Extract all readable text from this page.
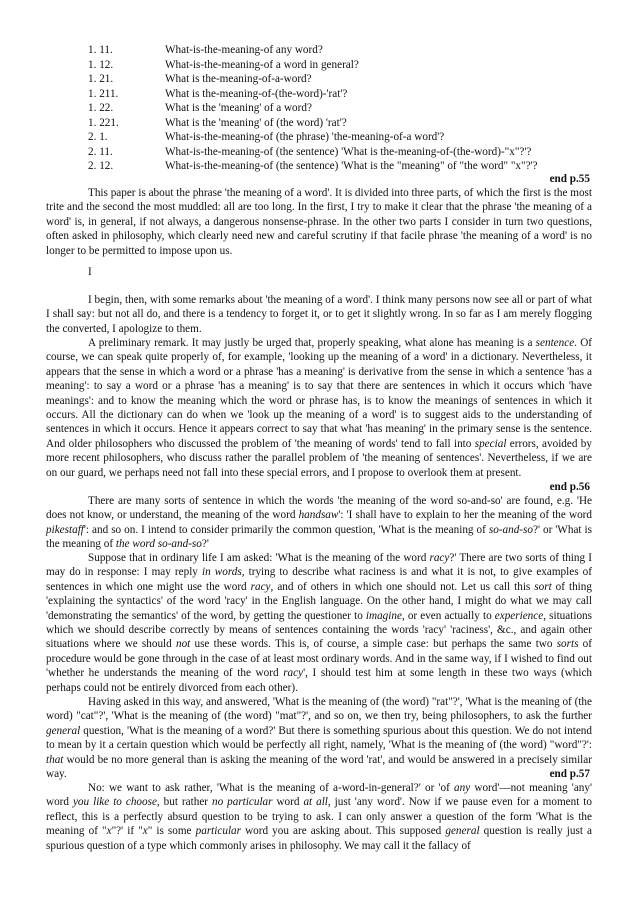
1. 11.	What-is-the-meaning-of any word?
1. 12.	What-is-the-meaning-of a word in general?
1. 21.	What is the-meaning-of-a-word?
1. 211.	What is the-meaning-of-(the-word)-'rat'?
1. 22.	What is the 'meaning' of a word?
1. 221.	What is the 'meaning' of (the word) 'rat'?
2. 1.	What-is-the-meaning-of (the phrase) 'the-meaning-of-a word'?
2. 11.	What-is-the-meaning-of (the sentence) 'What is the-meaning-of-(the-word)-"x"?'?
2. 12.	What-is-the-meaning-of (the sentence) 'What is the "meaning" of "the word" "x"?'?
end p.55

This paper is about the phrase 'the meaning of a word'. It is divided into three parts, of which the first is the most trite and the second the most muddled: all are too long. In the first, I try to make it clear that the phrase 'the meaning of a word' is, in general, if not always, a dangerous nonsense-phrase. In the other two parts I consider in turn two questions, often asked in philosophy, which clearly need new and careful scrutiny if that facile phrase 'the meaning of a word' is no longer to be permitted to impose upon us.

I

I begin, then, with some remarks about 'the meaning of a word'. I think many persons now see all or part of what I shall say: but not all do, and there is a tendency to forget it, or to get it slightly wrong. In so far as I am merely flogging the converted, I apologize to them.

A preliminary remark. It may justly be urged that, properly speaking, what alone has meaning is a sentence. Of course, we can speak quite properly of, for example, 'looking up the meaning of a word' in a dictionary. Nevertheless, it appears that the sense in which a word or a phrase 'has a meaning' is derivative from the sense in which a sentence 'has a meaning': to say a word or a phrase 'has a meaning' is to say that there are sentences in which it occurs which 'have meanings': and to know the meaning which the word or phrase has, is to know the meanings of sentences in which it occurs. All the dictionary can do when we 'look up the meaning of a word' is to suggest aids to the understanding of sentences in which it occurs. Hence it appears correct to say that what 'has meaning' in the primary sense is the sentence. And older philosophers who discussed the problem of 'the meaning of words' tend to fall into special errors, avoided by more recent philosophers, who discuss rather the parallel problem of 'the meaning of sentences'. Nevertheless, if we are on our guard, we perhaps need not fall into these special errors, and I propose to overlook them at present.

end p.56

There are many sorts of sentence in which the words 'the meaning of the word so-and-so' are found, e.g. 'He does not know, or understand, the meaning of the word handsaw': 'I shall have to explain to her the meaning of the word pikestaff': and so on. I intend to consider primarily the common question, 'What is the meaning of so-and-so?' or 'What is the meaning of the word so-and-so?'

Suppose that in ordinary life I am asked: 'What is the meaning of the word racy?' There are two sorts of thing I may do in response: I may reply in words, trying to describe what raciness is and what it is not, to give examples of sentences in which one might use the word racy, and of others in which one should not. Let us call this sort of thing 'explaining the syntactics' of the word 'racy' in the English language. On the other hand, I might do what we may call 'demonstrating the semantics' of the word, by getting the questioner to imagine, or even actually to experience, situations which we should describe correctly by means of sentences containing the words 'racy' 'raciness', &c., and again other situations where we should not use these words. This is, of course, a simple case: but perhaps the same two sorts of procedure would be gone through in the case of at least most ordinary words. And in the same way, if I wished to find out 'whether he understands the meaning of the word racy', I should test him at some length in these two ways (which perhaps could not be entirely divorced from each other).

Having asked in this way, and answered, 'What is the meaning of (the word) "rat"?', 'What is the meaning of (the word) "cat"?', 'What is the meaning of (the word) "mat"?', and so on, we then try, being philosophers, to ask the further general question, 'What is the meaning of a word?' But there is something spurious about this question. We do not intend to mean by it a certain question which would be perfectly all right, namely, 'What is the meaning of (the word) "word"?': that would be no more general than is asking the meaning of the word 'rat', and would be answered in a precisely similar way.	end p.57

No: we want to ask rather, 'What is the meaning of a-word-in-general?' or 'of any word'—not meaning 'any' word you like to choose, but rather no particular word at all, just 'any word'. Now if we pause even for a moment to reflect, this is a perfectly absurd question to be trying to ask. I can only answer a question of the form 'What is the meaning of "x"?' if "x" is some particular word you are asking about. This supposed general question is really just a spurious question of a type which commonly arises in philosophy. We may call it the fallacy of
